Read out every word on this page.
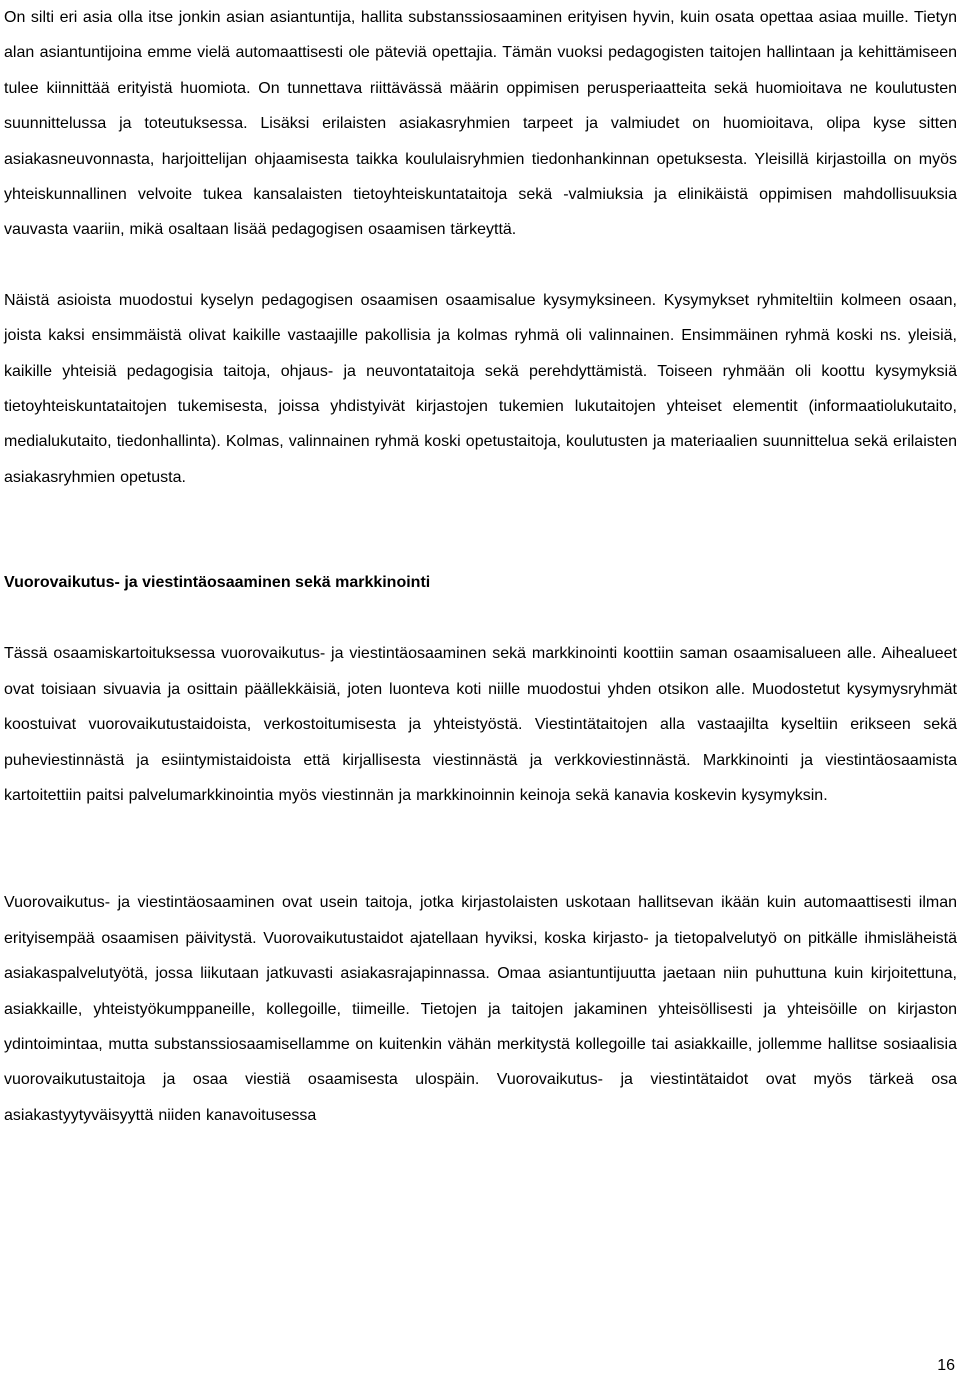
On silti eri asia olla itse jonkin asian asiantuntija, hallita substanssiosaaminen erityisen hyvin, kuin osata opettaa asiaa muille. Tietyn alan asiantuntijoina emme vielä automaattisesti ole päteviä opettajia. Tämän vuoksi pedagogisten taitojen hallintaan ja kehittämiseen tulee kiinnittää erityistä huomiota. On tunnettava riittävässä määrin oppimisen perusperiaatteita sekä huomioitava ne koulutusten suunnittelussa ja toteutuksessa. Lisäksi erilaisten asiakasryhmien tarpeet ja valmiudet on huomioitava, olipa kyse sitten asiakasneuvonnasta, harjoittelijan ohjaamisesta taikka koululaisryhmien tiedonhankinnan opetuksesta. Yleisillä kirjastoilla on myös yhteiskunnallinen velvoite tukea kansalaisten tietoyhteiskuntataitoja sekä -valmiuksia ja elinikäistä oppimisen mahdollisuuksia vauvasta vaariin, mikä osaltaan lisää pedagogisen osaamisen tärkeyttä.

Näistä asioista muodostui kyselyn pedagogisen osaamisen osaamisalue kysymyksineen. Kysymykset ryhmiteltiin kolmeen osaan, joista kaksi ensimmäistä olivat kaikille vastaajille pakollisia ja kolmas ryhmä oli valinnainen. Ensimmäinen ryhmä koski ns. yleisiä, kaikille yhteisiä pedagogisia taitoja, ohjaus- ja neuvontataitoja sekä perehdyttämistä. Toiseen ryhmään oli koottu kysymyksiä tietoyhteiskuntataitojen tukemisesta, joissa yhdistyivät kirjastojen tukemien lukutaitojen yhteiset elementit (informaatiolukutaito, medialukutaito, tiedonhallinta). Kolmas, valinnainen ryhmä koski opetustaitoja, koulutusten ja materiaalien suunnittelua sekä erilaisten asiakasryhmien opetusta.

Vuorovaikutus- ja viestintäosaaminen sekä markkinointi

Tässä osaamiskartoituksessa vuorovaikutus- ja viestintäosaaminen sekä markkinointi koottiin saman osaamisalueen alle. Aihealueet ovat toisiaan sivuavia ja osittain päällekkäisiä, joten luonteva koti niille muodostui yhden otsikon alle. Muodostetut kysymysryhmät koostuivat vuorovaikutustaidoista, verkostoitumisesta ja yhteistyöstä. Viestintätaitojen alla vastaajilta kyseltiin erikseen sekä puheviestinnästä ja esiintymistaidoista että kirjallisesta viestinnästä ja verkkoviestinnästä. Markkinointi ja viestintäosaamista kartoitettiin paitsi palvelumarkkinointia myös viestinnän ja markkinoinnin keinoja sekä kanavia koskevin kysymyksin.

Vuorovaikutus- ja viestintäosaaminen ovat usein taitoja, jotka kirjastolaisten uskotaan hallitsevan ikään kuin automaattisesti ilman erityisempää osaamisen päivitystä. Vuorovaikutustaidot ajatellaan hyviksi, koska kirjasto- ja tietopalvelutyö on pitkälle ihmisläheistä asiakaspalvelutyötä, jossa liikutaan jatkuvasti asiakasrajapinnassa. Omaa asiantuntijuutta jaetaan niin puhuttuna kuin kirjoitettuna, asiakkaille, yhteistyökumppaneille, kollegoille, tiimeille. Tietojen ja taitojen jakaminen yhteisöllisesti ja yhteisöille on kirjaston ydintoimintaa, mutta substanssiosaamisellamme on kuitenkin vähän merkitystä kollegoille tai asiakkaille, jollemme hallitse sosiaalisia vuorovaikutustaitoja ja osaa viestiä osaamisesta ulospäin. Vuorovaikutus- ja viestintätaidot ovat myös tärkeä osa asiakastyytyväisyyttä niiden kanavoitusessa

16
